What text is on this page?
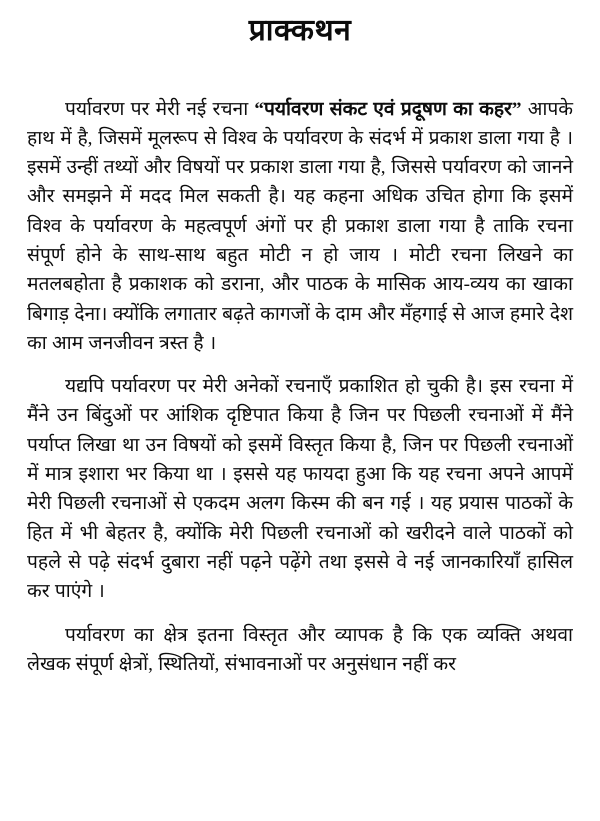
प्राक्कथन

पर्यावरण पर मेरी नई रचना “पर्यावरण संकट एवं प्रदूषण का कहर” आपके हाथ में है, जिसमें मूलरूप से विश्व के पर्यावरण के संदर्भ में प्रकाश डाला गया है । इसमें उन्हीं तथ्यों और विषयों पर प्रकाश डाला गया है, जिससे पर्यावरण को जानने और समझने में मदद मिल सकती है। यह कहना अधिक उचित होगा कि इसमें विश्व के पर्यावरण के महत्वपूर्ण अंगों पर ही प्रकाश डाला गया है ताकि रचना संपूर्ण होने के साथ-साथ बहुत मोटी न हो जाय । मोटी रचना लिखने का मतलबहोता है प्रकाशक को डराना, और पाठक के मासिक आय-व्यय का खाका बिगाड़ देना। क्योंकि लगातार बढ़ते कागजों के दाम और मँहगाई से आज हमारे देश का आम जनजीवन त्रस्त है ।

यद्यपि पर्यावरण पर मेरी अनेकों रचनाएँ प्रकाशित हो चुकी है। इस रचना में मैंने उन बिंदुओं पर आंशिक दृष्टिपात किया है जिन पर पिछली रचनाओं में मैंने पर्याप्त लिखा था उन विषयों को इसमें विस्तृत किया है, जिन पर पिछली रचनाओं में मात्र इशारा भर किया था । इससे यह फायदा हुआ कि यह रचना अपने आपमें मेरी पिछली रचनाओं से एकदम अलग किस्म की बन गई । यह प्रयास पाठकों के हित में भी बेहतर है, क्योंकि मेरी पिछली रचनाओं को खरीदने वाले पाठकों को पहले से पढ़े संदर्भ दुबारा नहीं पढ़ने पढ़ेंगे तथा इससे वे नई जानकारियाँ हासिल कर पाएंगे ।

पर्यावरण का क्षेत्र इतना विस्तृत और व्यापक है कि एक व्यक्ति अथवा लेखक संपूर्ण क्षेत्रों, स्थितियों, संभावनाओं पर अनुसंधान नहीं कर
